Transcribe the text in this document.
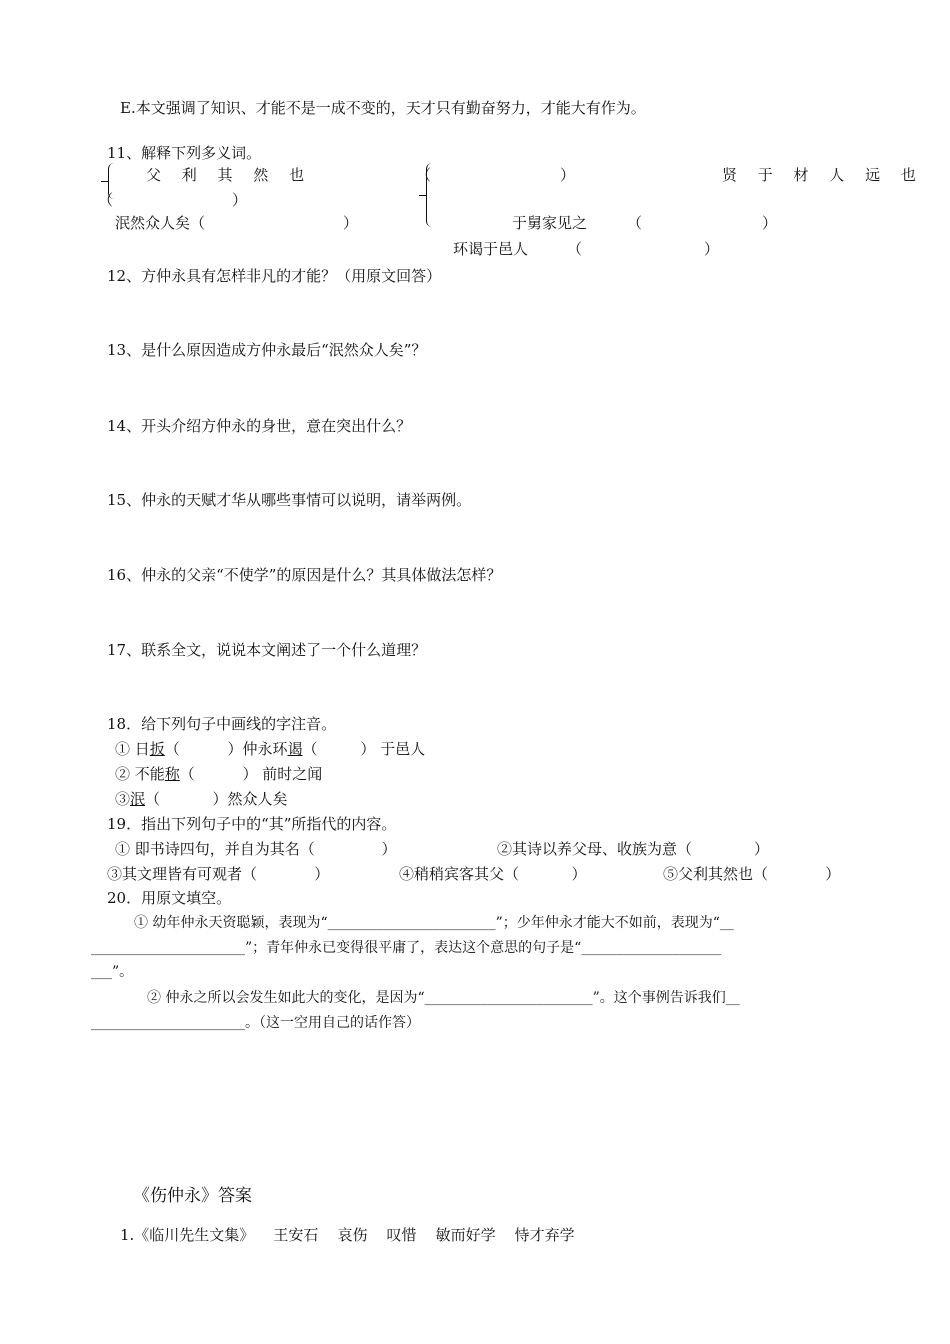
E.本文强调了知识、才能不是一成不变的，天才只有勤奋努力，才能大有作为。
11、解释下列多义词。
父 利 其 然 也	（	）	贤 于 材 人 远 也
（	）
泯然众人矣（	）	于舅家见之	（	）
环谒于邑人	（	）
12、方仲永具有怎样非凡的才能？（用原文回答）
13、是什么原因造成方仲永最后“泯然众人矣”？
14、开头介绍方仲永的身世，意在突出什么？
15、仲永的天赋才华从哪些事情可以说明，请举两例。
16、仲永的父亲“不使学”的原因是什么？其具体做法怎样？
17、联系全文，说说本文阐述了一个什么道理？
18．给下列句子中画线的字注音。
① 日扳（          ）仲永环谒（         ） 于邑人
② 不能称（          ） 前时之闻
③泯（           ）然众人矣
19．指出下列句子中的“其”所指代的内容。
① 即书诗四句，并自为其名（              ）	②其诗以养父母、收族为意（             ）
③其文理皆有可观者（            ）	④稍稍宾客其父（           ）	⑤父利其然也（            ）
20．用原文填空。
① 幼年仲永天资聪颖，表现为“________________________”；少年仲永才能大不如前，表现为“__
______________________”；青年仲永已变得很平庸了，表达这个意思的句子是“____________________
___”。
② 仲永之所以会发生如此大的变化，是因为“________________________”。这个事例告诉我们__
______________________。（这一空用自己的话作答）
《伤仲永》答案
1.《临川先生文集》    王安石    哀伤    叹惜    敏而好学    恃才弃学
